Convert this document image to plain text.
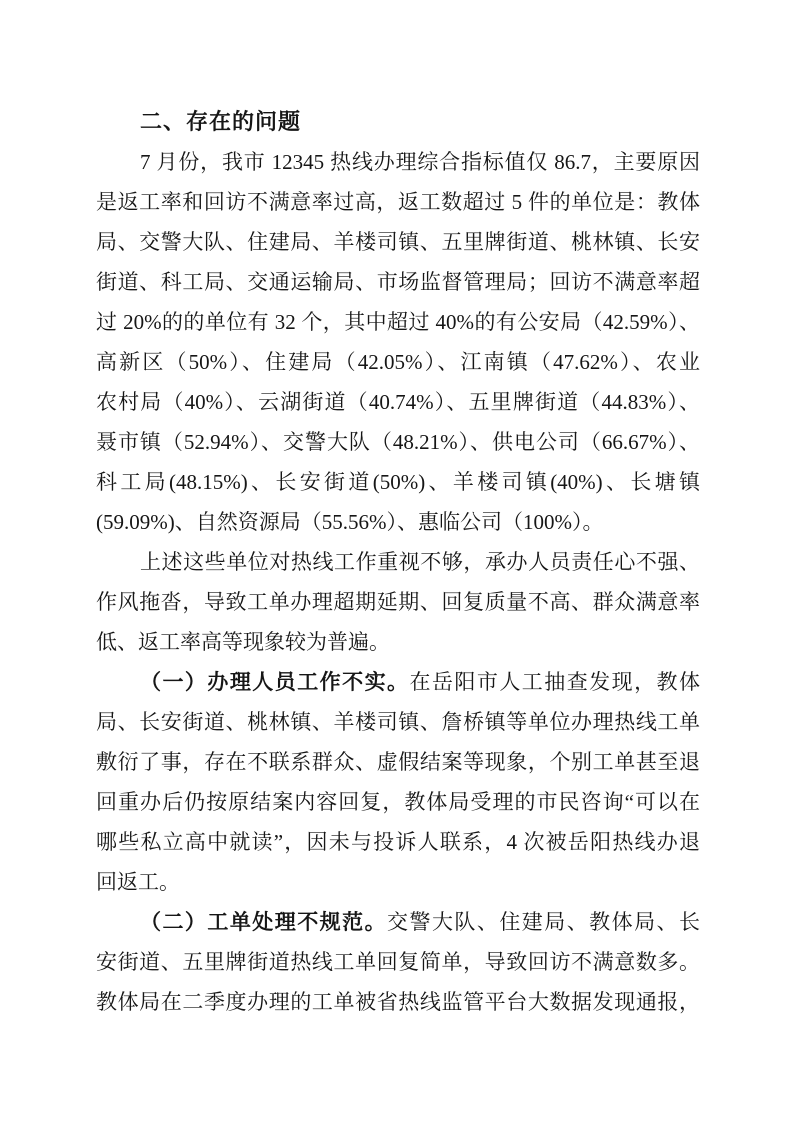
二、存在的问题
7 月份，我市 12345 热线办理综合指标值仅 86.7，主要原因
是返工率和回访不满意率过高，返工数超过 5 件的单位是：教体
局、交警大队、住建局、羊楼司镇、五里牌街道、桃林镇、长安
街道、科工局、交通运输局、市场监督管理局；回访不满意率超
过 20%的的单位有 32 个，其中超过 40%的有公安局（42.59%）、
高新区（50%）、住建局（42.05%）、江南镇（47.62%）、农业
农村局（40%）、云湖街道（40.74%）、五里牌街道（44.83%）、
聂市镇（52.94%）、交警大队（48.21%）、供电公司（66.67%）、
科工局(48.15%)、长安街道(50%)、羊楼司镇(40%)、长塘镇
(59.09%)、自然资源局（55.56%）、惠临公司（100%）。
上述这些单位对热线工作重视不够，承办人员责任心不强、
作风拖沓，导致工单办理超期延期、回复质量不高、群众满意率
低、返工率高等现象较为普遍。
（一）办理人员工作不实。在岳阳市人工抽查发现，教体
局、长安街道、桃林镇、羊楼司镇、詹桥镇等单位办理热线工单
敷衍了事，存在不联系群众、虚假结案等现象，个别工单甚至退
回重办后仍按原结案内容回复，教体局受理的市民咨询“可以在
哪些私立高中就读”，因未与投诉人联系，4 次被岳阳热线办退
回返工。
（二）工单处理不规范。交警大队、住建局、教体局、长
安街道、五里牌街道热线工单回复简单，导致回访不满意数多。
教体局在二季度办理的工单被省热线监管平台大数据发现通报，
